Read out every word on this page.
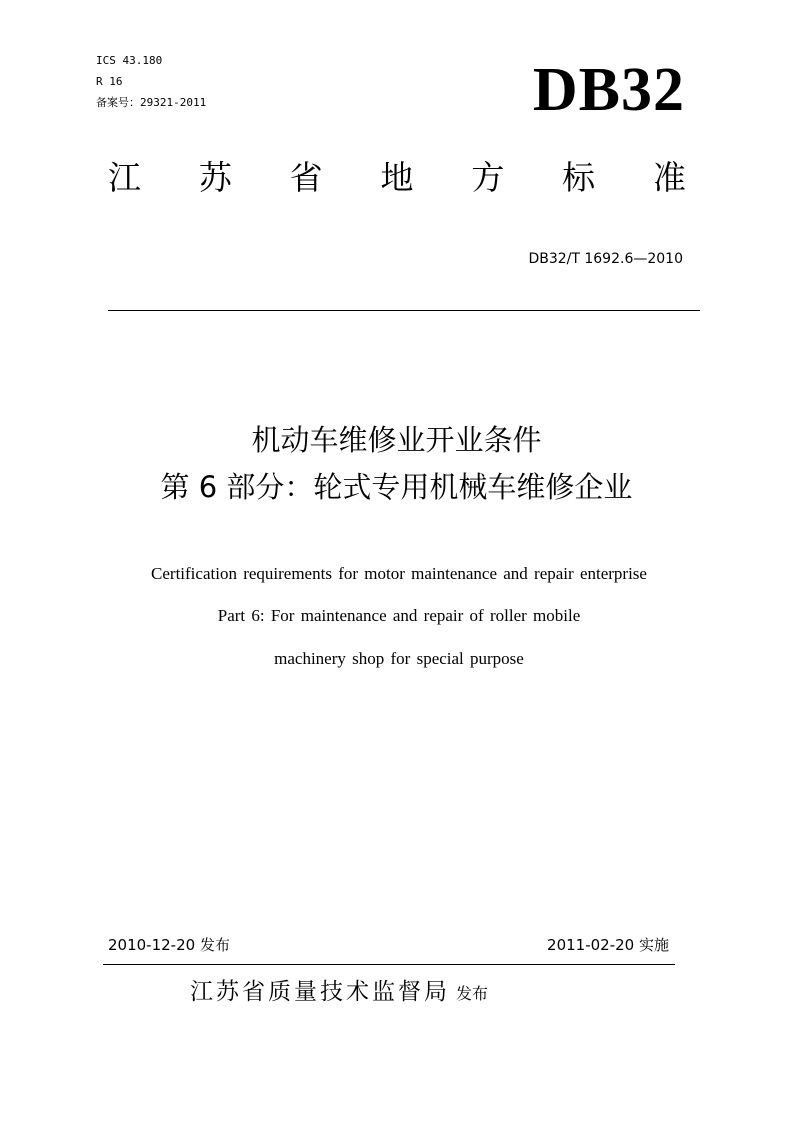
ICS 43.180
R 16
备案号：29321-2011	DB32
江 苏 省 地 方 标 准
DB32/T 1692.6—2010
机动车维修业开业条件
第 6 部分：轮式专用机械车维修企业
Certification requirements for motor maintenance and repair enterprise
Part 6: For maintenance and repair of roller mobile
machinery shop for special purpose
2010-12-20 发布	2011-02-20 实施
江苏省质量技术监督局 发布
